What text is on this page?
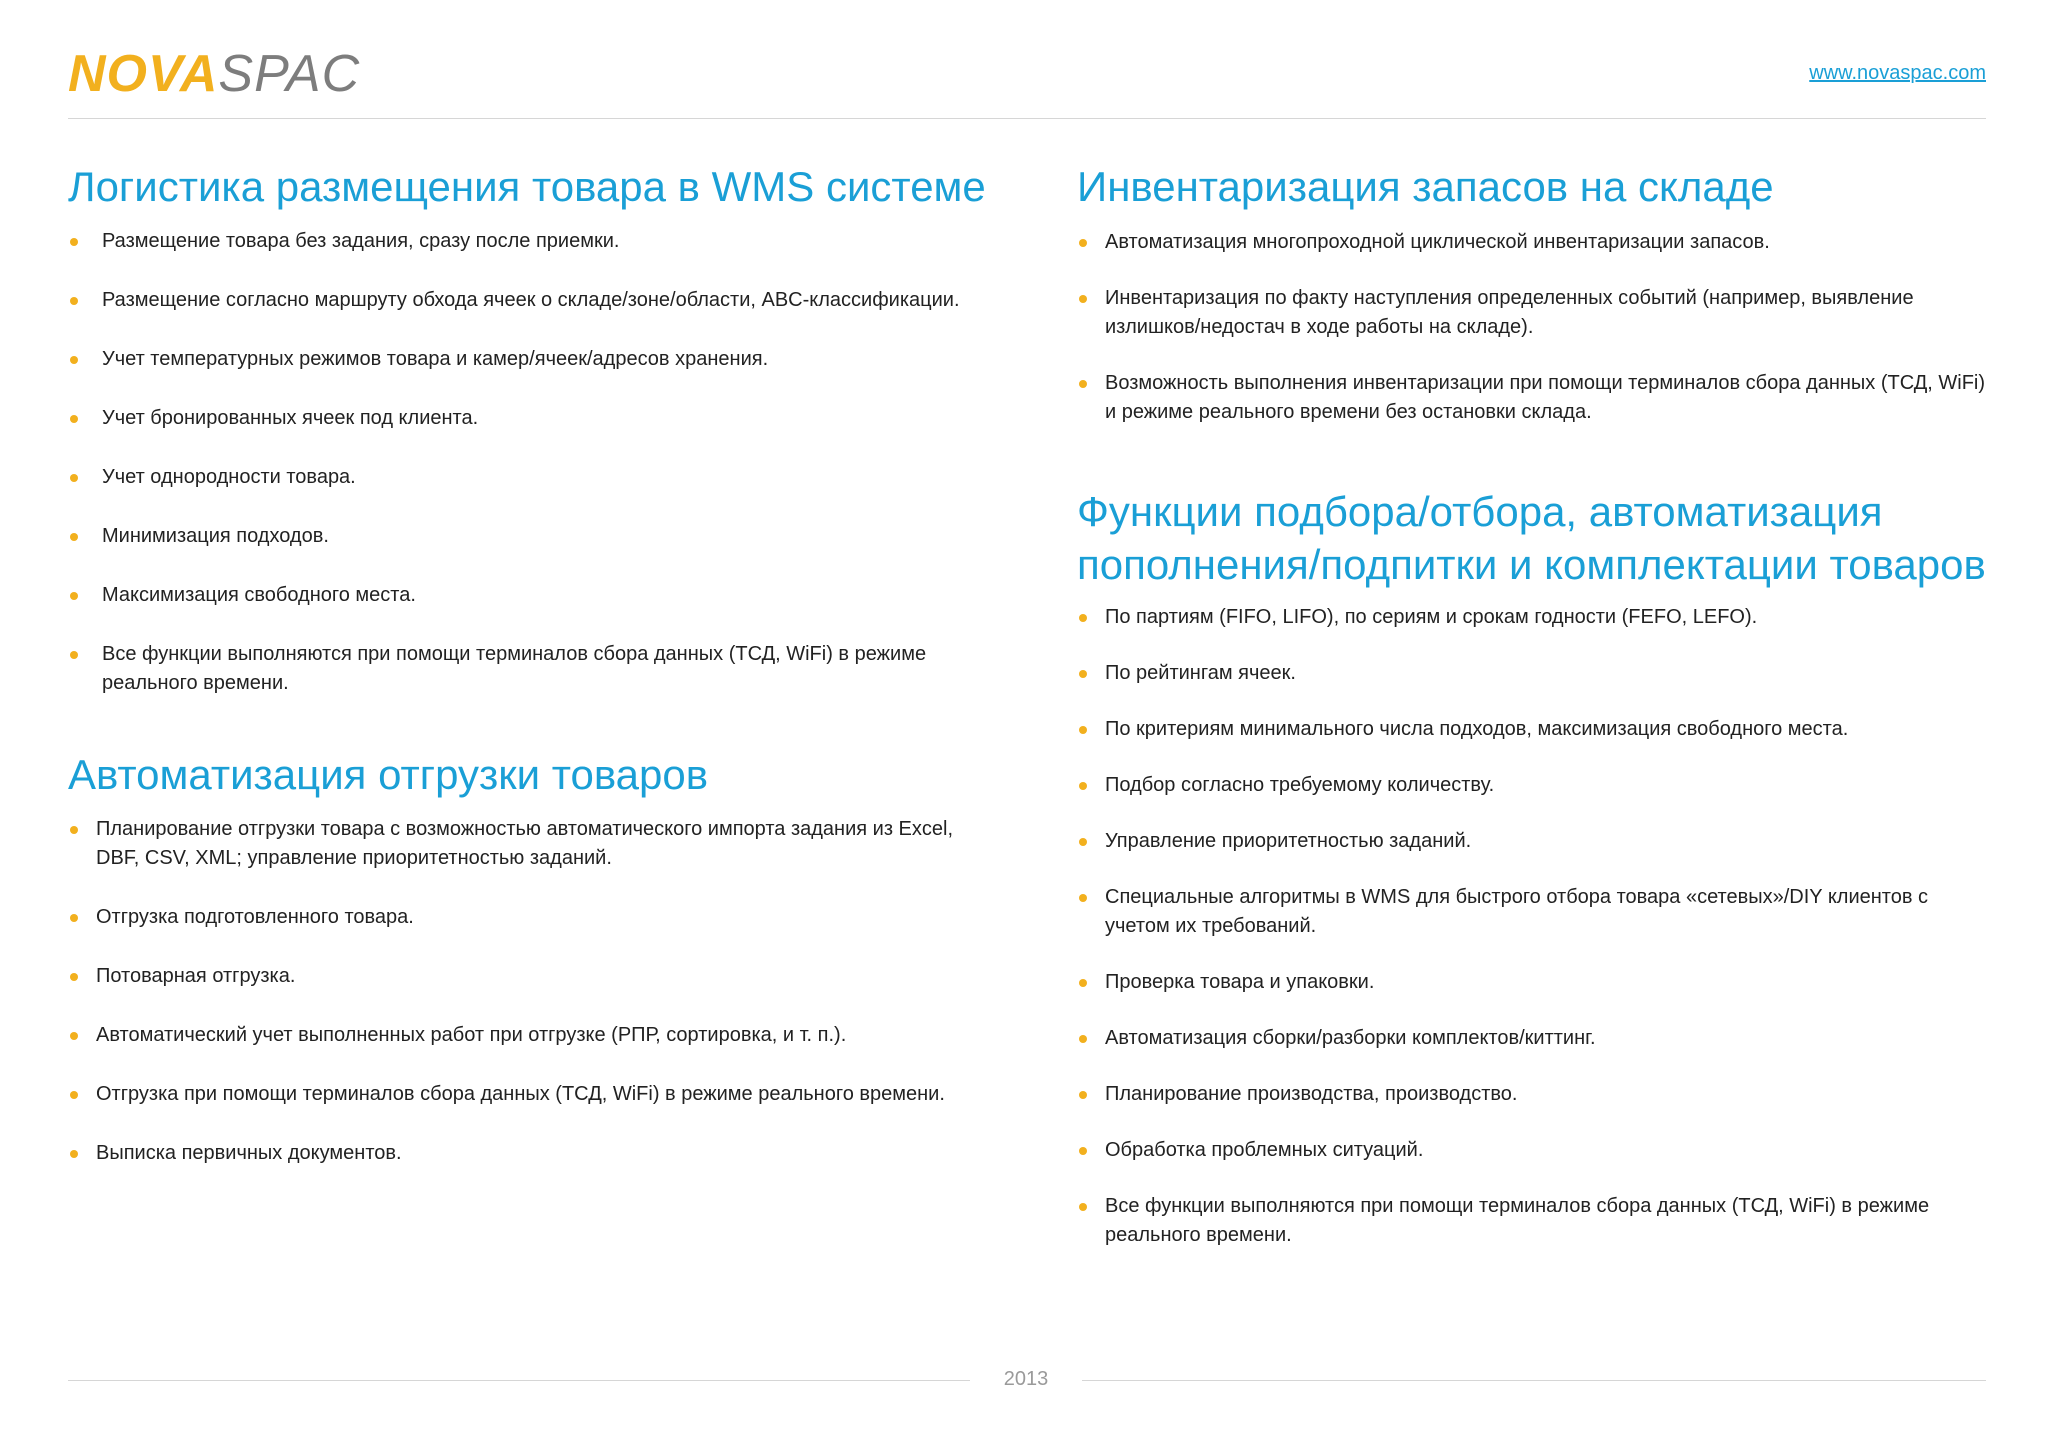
NOVASPAC	www.novaspac.com
Логистика размещения товара в WMS системе
Размещение товара без задания, сразу после приемки.
Размещение согласно маршруту обхода ячеек о складе/зоне/области, ABC-классификации.
Учет температурных режимов товара и камер/ячеек/адресов хранения.
Учет бронированных ячеек под клиента.
Учет однородности товара.
Минимизация подходов.
Максимизация свободного места.
Все функции выполняются при помощи терминалов сбора данных (ТСД, WiFi) в режиме реального времени.
Автоматизация отгрузки товаров
Планирование отгрузки товара с возможностью автоматического импорта задания из Excel, DBF, CSV, XML; управление приоритетностью заданий.
Отгрузка подготовленного товара.
Потоварная отгрузка.
Автоматический учет выполненных работ при отгрузке (РПР, сортировка, и т. п.).
Отгрузка при помощи терминалов сбора данных (ТСД, WiFi) в режиме реального времени.
Выписка первичных документов.
Инвентаризация запасов на складе
Автоматизация многопроходной циклической инвентаризации запасов.
Инвентаризация по факту наступления определенных событий (например, выявление излишков/недостач в ходе работы на складе).
Возможность выполнения инвентаризации при помощи терминалов сбора данных (ТСД, WiFi) и режиме реального времени без остановки склада.
Функции подбора/отбора, автоматизация пополнения/подпитки и комплектации товаров
По партиям (FIFO, LIFO), по сериям и срокам годности (FEFO, LEFO).
По рейтингам ячеек.
По критериям минимального числа подходов, максимизация свободного места.
Подбор согласно требуемому количеству.
Управление приоритетностью заданий.
Специальные алгоритмы в WMS для быстрого отбора товара «сетевых»/DIY клиентов с учетом их требований.
Проверка товара и упаковки.
Автоматизация сборки/разборки комплектов/киттинг.
Планирование производства, производство.
Обработка проблемных ситуаций.
Все функции выполняются при помощи терминалов сбора данных (ТСД, WiFi) в режиме реального времени.
2013
